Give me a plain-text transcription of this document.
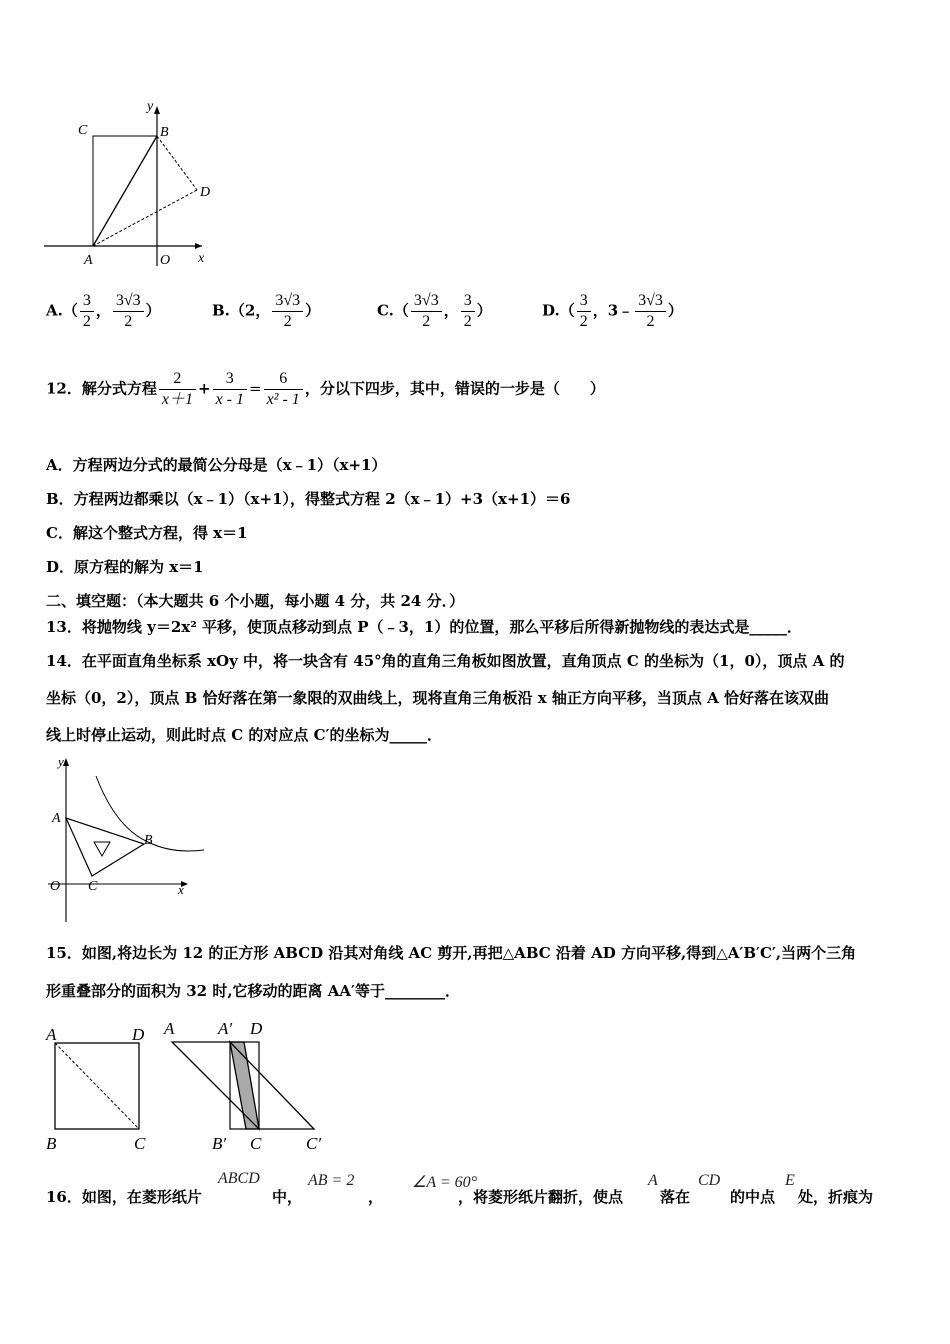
y
C	B
D
A	O x
$A.( \frac{3}{2}$ ， $\frac{3√3}{2}$ ）	B.（2， $\frac{3√3}{2}$ ）	$C.( \frac{3√3}{2}$ ， $\frac{3}{2}$ ）	$D.( \frac{3}{2}$ ，3﹣ $\frac{3√3}{2}$ ）
12．解分式方程 $\frac{2}{x+1} + \frac{3}{x - 1} = \frac{6}{\text{x² - 1}}$ ，分以下四步，其中，错误的一步是（　　）
A．方程两边分式的最简公分母是（x﹣1）（x+1）
B．方程两边都乘以（x﹣1）（x+1），得整式方程 2（x﹣1）+3（x+1）＝6
C．解这个整式方程，得 x＝1
D．原方程的解为 x＝1
二、填空题：（本大题共 6 个小题，每小题 4 分，共 24 分．）
13．将抛物线 y＝2x² 平移，使顶点移动到点 P（﹣3，1）的位置，那么平移后所得新抛物线的表达式是_____．
14．在平面直角坐标系 xOy 中，将一块含有 45°角的直角三角板如图放置，直角顶点 C 的坐标为（1，0），顶点 A 的
坐标（0，2），顶点 B 恰好落在第一象限的双曲线上，现将直角三角板沿 x 轴正方向平移，当顶点 A 恰好落在该双曲
线上时停止运动，则此时点 C 的对应点 C′的坐标为_____．
y
A
B
O C	x
15．如图,将边长为 12 的正方形 ABCD 沿其对角线 AC 剪开,再把△ABC 沿着 AD 方向平移,得到△A′B′C′,当两个三角
形重叠部分的面积为 32 时,它移动的距离 AA′等于________．
A	D
B	C
A	A′ D
B′ C	C′
16．如图，在菱形纸片
ABCD
中，
AB = 2
，
∠A = 60°
，将菱形纸片翻折，使点
A
落在
CD
的中点
E
处，折痕为
